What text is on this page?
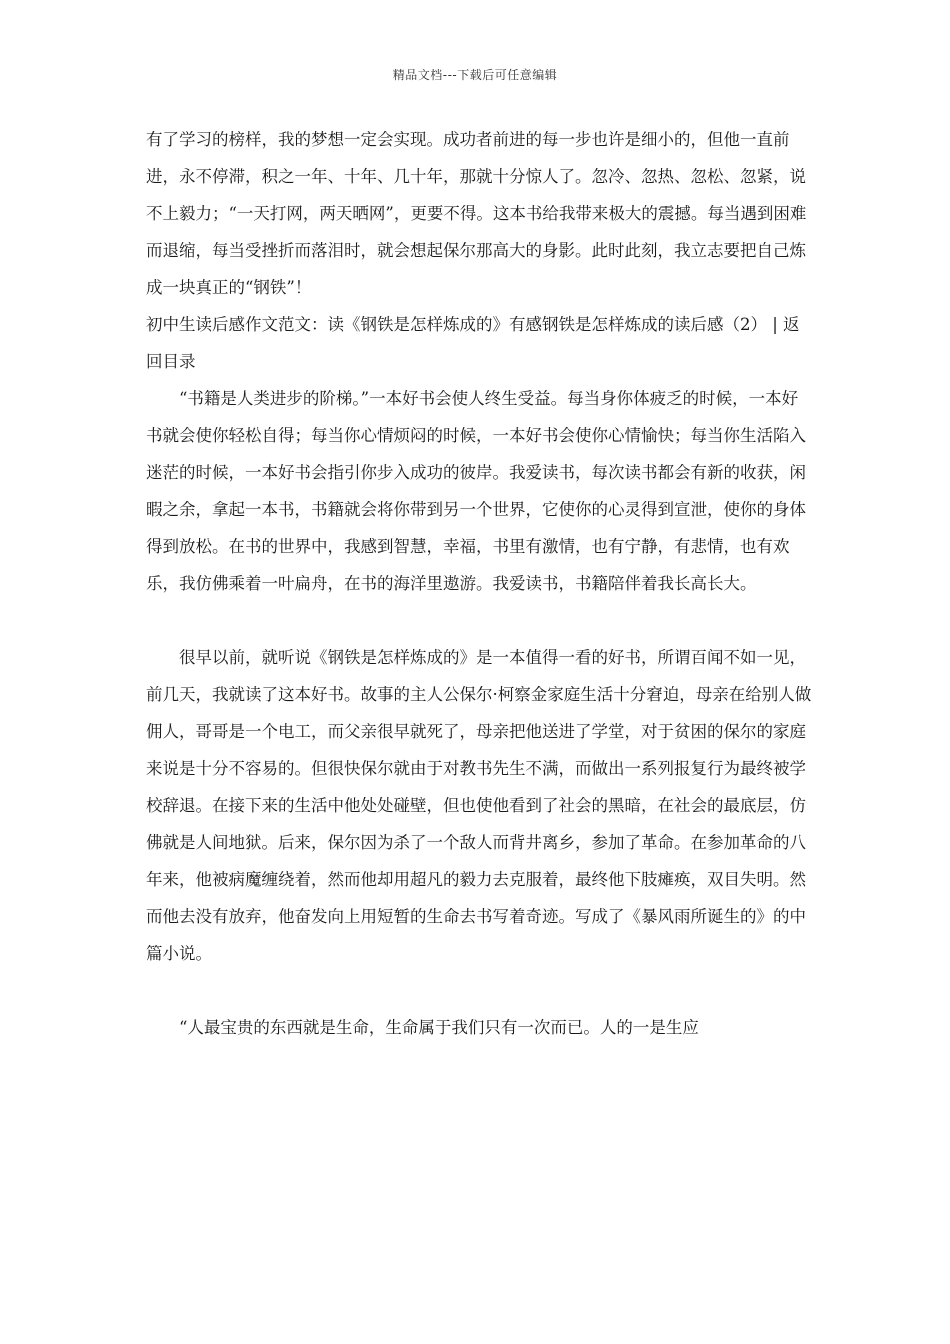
精品文档---下载后可任意编辑

有了学习的榜样，我的梦想一定会实现。成功者前进的每一步也许是细小的，但他一直前进，永不停滞，积之一年、十年、几十年，那就十分惊人了。忽冷、忽热、忽松、忽紧，说不上毅力；“一天打网，两天晒网”，更要不得。这本书给我带来极大的震撼。每当遇到困难而退缩，每当受挫折而落泪时，就会想起保尔那高大的身影。此时此刻，我立志要把自己炼成一块真正的“钢铁”！

初中生读后感作文范文：读《钢铁是怎样炼成的》有感钢铁是怎样炼成的读后感（2） | 返回目录

“书籍是人类进步的阶梯。”一本好书会使人终生受益。每当身你体疲乏的时候，一本好书就会使你轻松自得；每当你心情烦闷的时候，一本好书会使你心情愉快；每当你生活陷入迷茫的时候，一本好书会指引你步入成功的彼岸。我爱读书，每次读书都会有新的收获，闲暇之余，拿起一本书，书籍就会将你带到另一个世界，它使你的心灵得到宣泄，使你的身体得到放松。在书的世界中，我感到智慧，幸福，书里有激情，也有宁静，有悲情，也有欢乐，我仿佛乘着一叶扁舟，在书的海洋里遨游。我爱读书，书籍陪伴着我长高长大。

很早以前，就听说《钢铁是怎样炼成的》是一本值得一看的好书，所谓百闻不如一见，前几天，我就读了这本好书。故事的主人公保尔·柯察金家庭生活十分窘迫，母亲在给别人做佣人，哥哥是一个电工，而父亲很早就死了，母亲把他送进了学堂，对于贫困的保尔的家庭来说是十分不容易的。但很快保尔就由于对教书先生不满，而做出一系列报复行为最终被学校辞退。在接下来的生活中他处处碰壁，但也使他看到了社会的黑暗，在社会的最底层，仿佛就是人间地狱。后来，保尔因为杀了一个敌人而背井离乡，参加了革命。在参加革命的八年来，他被病魔缠绕着，然而他却用超凡的毅力去克服着，最终他下肢瘫痪，双目失明。然而他去没有放弃，他奋发向上用短暂的生命去书写着奇迹。写成了《暴风雨所诞生的》的中篇小说。

“人最宝贵的东西就是生命，生命属于我们只有一次而已。人的一是生应
